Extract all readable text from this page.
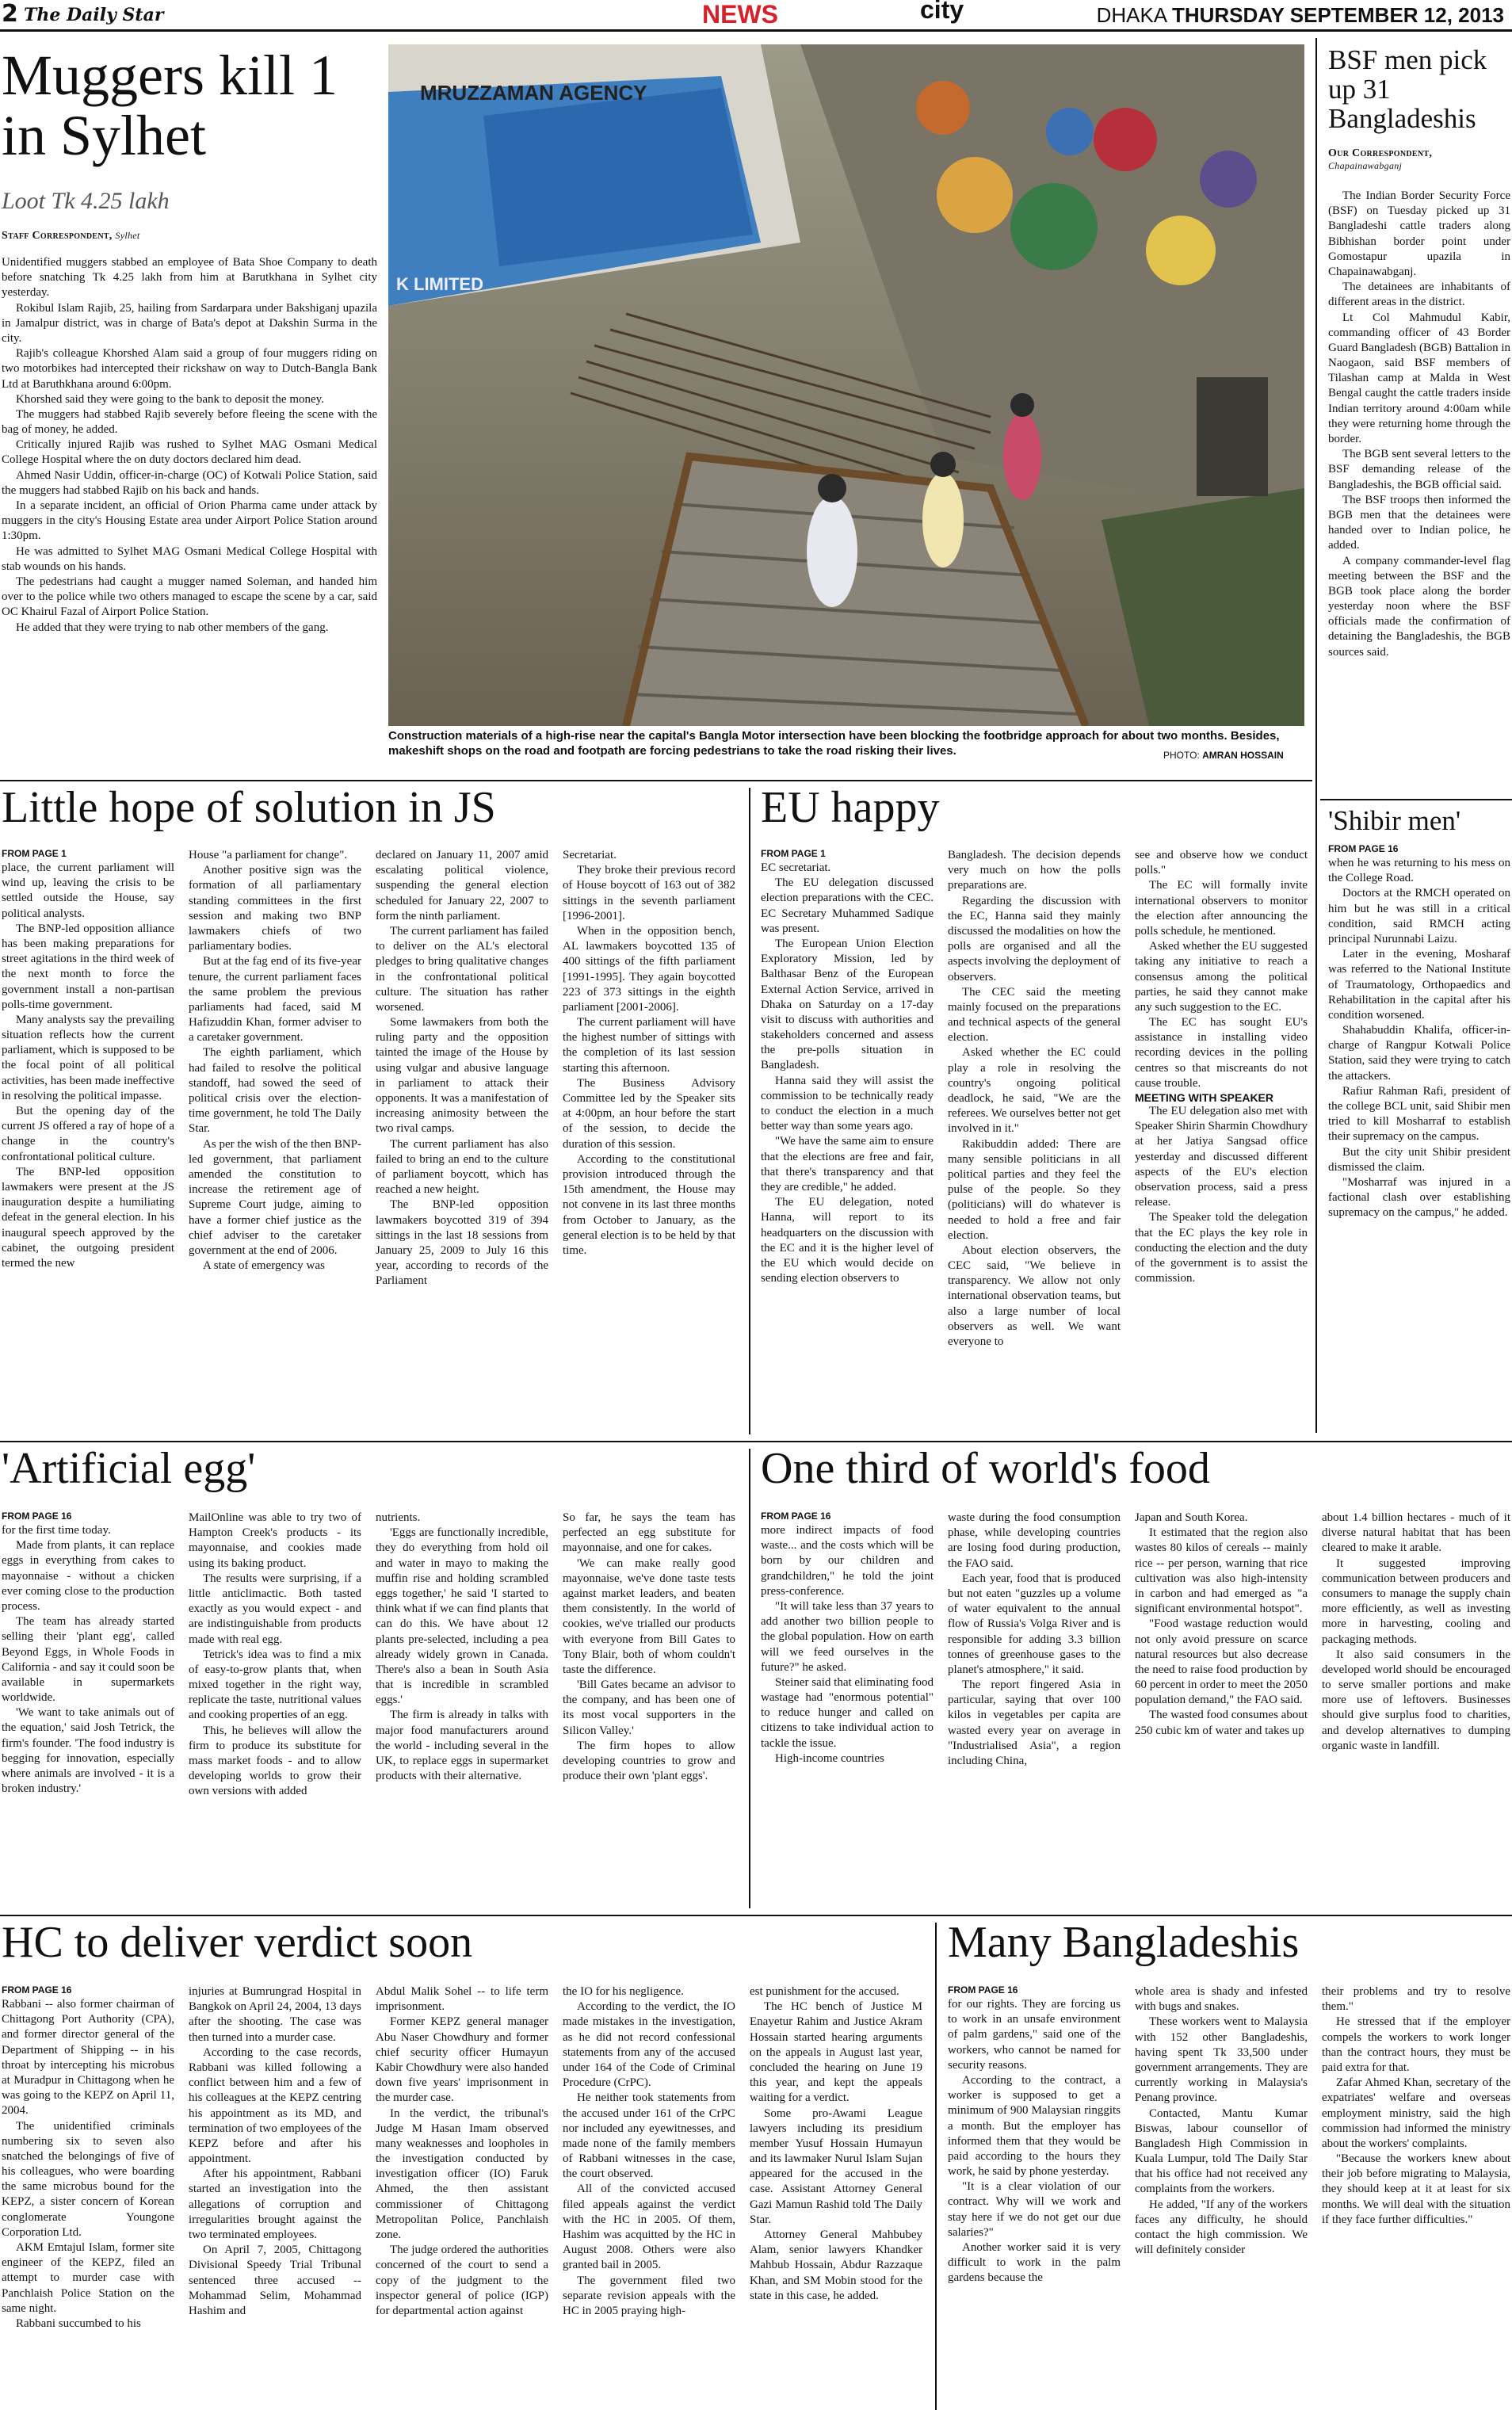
2 The Daily Star	NEWS	city	DHAKA THURSDAY SEPTEMBER 12, 2013
Muggers kill 1 in Sylhet
Loot Tk 4.25 lakh
Staff Correspondent, Sylhet

Unidentified muggers stabbed an employee of Bata Shoe Company to death before snatching Tk 4.25 lakh from him at Barutkhana in Sylhet city yesterday.

Rokibul Islam Rajib, 25, hailing from Sardarpara under Bakshiganj upazila in Jamalpur district, was in charge of Bata's depot at Dakshin Surma in the city.

Rajib's colleague Khorshed Alam said a group of four muggers riding on two motorbikes had intercepted their rickshaw on way to Dutch-Bangla Bank Ltd at Baruthkhana around 6:00pm.

Khorshed said they were going to the bank to deposit the money.

The muggers had stabbed Rajib severely before fleeing the scene with the bag of money, he added.

Critically injured Rajib was rushed to Sylhet MAG Osmani Medical College Hospital where the on duty doctors declared him dead.

Ahmed Nasir Uddin, officer-in-charge (OC) of Kotwali Police Station, said the muggers had stabbed Rajib on his back and hands.

In a separate incident, an official of Orion Pharma came under attack by muggers in the city's Housing Estate area under Airport Police Station around 1:30pm.

He was admitted to Sylhet MAG Osmani Medical College Hospital with stab wounds on his hands.

The pedestrians had caught a mugger named Soleman, and handed him over to the police while two others managed to escape the scene by a car, said OC Khairul Fazal of Airport Police Station.

He added that they were trying to nab other members of the gang.

MRUZZAMAN AGENCY
K LIMITED
Construction materials of a high-rise near the capital's Bangla Motor intersection have been blocking the footbridge approach for about two months. Besides, makeshift shops on the road and footpath are forcing pedestrians to take the road risking their lives.	PHOTO: AMRAN HOSSAIN
BSF men pick up 31 Bangladeshis
Our Correspondent,
Chapainawabganj

The Indian Border Security Force (BSF) on Tuesday picked up 31 Bangladeshi cattle traders along Bibhishan border point under Gomostapur upazila in Chapainawabganj.

The detainees are inhabitants of different areas in the district.

Lt Col Mahmudul Kabir, commanding officer of 43 Border Guard Bangladesh (BGB) Battalion in Naogaon, said BSF members of Tilashan camp at Malda in West Bengal caught the cattle traders inside Indian territory around 4:00am while they were returning home through the border.

The BGB sent several letters to the BSF demanding release of the Bangladeshis, the BGB official said.

The BSF troops then informed the BGB men that the detainees were handed over to Indian police, he added.

A company commander-level flag meeting between the BSF and the BGB took place along the border yesterday noon where the BSF officials made the confirmation of detaining the Bangladeshis, the BGB sources said.

'Shibir men'
FROM PAGE 16

when he was returning to his mess on the College Road.

Doctors at the RMCH operated on him but he was still in a critical condition, said RMCH acting principal Nurunnabi Laizu.

Later in the evening, Mosharaf was referred to the National Institute of Traumatology, Orthopaedics and Rehabilitation in the capital after his condition worsened.

Shahabuddin Khalifa, officer-in-charge of Rangpur Kotwali Police Station, said they were trying to catch the attackers.

Rafiur Rahman Rafi, president of the college BCL unit, said Shibir men tried to kill Mosharraf to establish their supremacy on the campus.

But the city unit Shibir president dismissed the claim.

"Mosharraf was injured in a factional clash over establishing supremacy on the campus," he added.

Little hope of solution in JS
FROM PAGE 1

place, the current parliament will wind up, leaving the crisis to be settled outside the House, say political analysts.

The BNP-led opposition alliance has been making preparations for street agitations in the third week of the next month to force the government install a non-partisan polls-time government.

Many analysts say the prevailing situation reflects how the current parliament, which is supposed to be the focal point of all political activities, has been made ineffective in resolving the political impasse.

But the opening day of the current JS offered a ray of hope of a change in the country's confrontational political culture.

The BNP-led opposition lawmakers were present at the JS inauguration despite a humiliating defeat in the general election. In his inaugural speech approved by the cabinet, the outgoing president termed the new

House "a parliament for change".

Another positive sign was the formation of all parliamentary standing committees in the first session and making two BNP lawmakers chiefs of two parliamentary bodies.

But at the fag end of its five-year tenure, the current parliament faces the same problem the previous parliaments had faced, said M Hafizuddin Khan, former adviser to a caretaker government.

The eighth parliament, which had failed to resolve the political standoff, had sowed the seed of political crisis over the election-time government, he told The Daily Star.

As per the wish of the then BNP-led government, that parliament amended the constitution to increase the retirement age of Supreme Court judge, aiming to have a former chief justice as the chief adviser to the caretaker government at the end of 2006.

A state of emergency was

declared on January 11, 2007 amid escalating political violence, suspending the general election scheduled for January 22, 2007 to form the ninth parliament.

The current parliament has failed to deliver on the AL's electoral pledges to bring qualitative changes in the confrontational political culture. The situation has rather worsened.

Some lawmakers from both the ruling party and the opposition tainted the image of the House by using vulgar and abusive language in parliament to attack their opponents. It was a manifestation of increasing animosity between the two rival camps.

The current parliament has also failed to bring an end to the culture of parliament boycott, which has reached a new height.

The BNP-led opposition lawmakers boycotted 319 of 394 sittings in the last 18 sessions from January 25, 2009 to July 16 this year, according to records of the Parliament

Secretariat.

They broke their previous record of House boycott of 163 out of 382 sittings in the seventh parliament [1996-2001].

When in the opposition bench, AL lawmakers boycotted 135 of 400 sittings of the fifth parliament [1991-1995]. They again boycotted 223 of 373 sittings in the eighth parliament [2001-2006].

The current parliament will have the highest number of sittings with the completion of its last session starting this afternoon.

The Business Advisory Committee led by the Speaker sits at 4:00pm, an hour before the start of the session, to decide the duration of this session.

According to the constitutional provision introduced through the 15th amendment, the House may not convene in its last three months from October to January, as the general election is to be held by that time.

EU happy
FROM PAGE 1

EC secretariat.

The EU delegation discussed election preparations with the CEC. EC Secretary Muhammed Sadique was present.

The European Union Election Exploratory Mission, led by Balthasar Benz of the European External Action Service, arrived in Dhaka on Saturday on a 17-day visit to discuss with authorities and stakeholders concerned and assess the pre-polls situation in Bangladesh.

Hanna said they will assist the commission to be technically ready to conduct the election in a much better way than some years ago.

"We have the same aim to ensure that the elections are free and fair, that there's transparency and that they are credible," he added.

The EU delegation, noted Hanna, will report to its headquarters on the discussion with the EC and it is the higher level of the EU which would decide on sending election observers to

Bangladesh. The decision depends very much on how the polls preparations are.

Regarding the discussion with the EC, Hanna said they mainly discussed the modalities on how the polls are organised and all the aspects involving the deployment of observers.

The CEC said the meeting mainly focused on the preparations and technical aspects of the general election.

Asked whether the EC could play a role in resolving the country's ongoing political deadlock, he said, "We are the referees. We ourselves better not get involved in it."

Rakibuddin added: There are many sensible politicians in all political parties and they feel the pulse of the people. So they (politicians) will do whatever is needed to hold a free and fair election.

About election observers, the CEC said, "We believe in transparency. We allow not only international observation teams, but also a large number of local observers as well. We want everyone to

see and observe how we conduct polls."

The EC will formally invite international observers to monitor the election after announcing the polls schedule, he mentioned.

Asked whether the EU suggested taking any initiative to reach a consensus among the political parties, he said they cannot make any such suggestion to the EC.

The EC has sought EU's assistance in installing video recording devices in the polling centres so that miscreants do not cause trouble.

MEETING WITH SPEAKER

The EU delegation also met with Speaker Shirin Sharmin Chowdhury at her Jatiya Sangsad office yesterday and discussed different aspects of the EU's election observation process, said a press release.

The Speaker told the delegation that the EC plays the key role in conducting the election and the duty of the government is to assist the commission.

'Artificial egg'
FROM PAGE 16

for the first time today.

Made from plants, it can replace eggs in everything from cakes to mayonnaise - without a chicken ever coming close to the production process.

The team has already started selling their 'plant egg', called Beyond Eggs, in Whole Foods in California - and say it could soon be available in supermarkets worldwide.

'We want to take animals out of the equation,' said Josh Tetrick, the firm's founder. 'The food industry is begging for innovation, especially where animals are involved - it is a broken industry.'

MailOnline was able to try two of Hampton Creek's products - its mayonnaise, and cookies made using its baking product.

The results were surprising, if a little anticlimactic. Both tasted exactly as you would expect - and are indistinguishable from products made with real egg.

Tetrick's idea was to find a mix of easy-to-grow plants that, when mixed together in the right way, replicate the taste, nutritional values and cooking properties of an egg.

This, he believes will allow the firm to produce its substitute for mass market foods - and to allow developing worlds to grow their own versions with added

nutrients.

'Eggs are functionally incredible, they do everything from hold oil and water in mayo to making the muffin rise and holding scrambled eggs together,' he said 'I started to think what if we can find plants that can do this. We have about 12 plants pre-selected, including a pea already widely grown in Canada. There's also a bean in South Asia that is incredible in scrambled eggs.'

The firm is already in talks with major food manufacturers around the world - including several in the UK, to replace eggs in supermarket products with their alternative.

So far, he says the team has perfected an egg substitute for mayonnaise, and one for cakes.

'We can make really good mayonnaise, we've done taste tests against market leaders, and beaten them consistently. In the world of cookies, we've trialled our products with everyone from Bill Gates to Tony Blair, both of whom couldn't taste the difference.

'Bill Gates became an advisor to the company, and has been one of its most vocal supporters in the Silicon Valley.'

The firm hopes to allow developing countries to grow and produce their own 'plant eggs'.

One third of world's food
FROM PAGE 16

more indirect impacts of food waste... and the costs which will be born by our children and grandchildren," he told the joint press-conference.

"It will take less than 37 years to add another two billion people to the global population. How on earth will we feed ourselves in the future?" he asked.

Steiner said that eliminating food wastage had "enormous potential" to reduce hunger and called on citizens to take individual action to tackle the issue.

High-income countries

waste during the food consumption phase, while developing countries are losing food during production, the FAO said.

Each year, food that is produced but not eaten "guzzles up a volume of water equivalent to the annual flow of Russia's Volga River and is responsible for adding 3.3 billion tonnes of greenhouse gases to the planet's atmosphere," it said.

The report fingered Asia in particular, saying that over 100 kilos in vegetables per capita are wasted every year on average in "Industrialised Asia", a region including China,

Japan and South Korea.

It estimated that the region also wastes 80 kilos of cereals -- mainly rice -- per person, warning that rice cultivation was also high-intensity in carbon and had emerged as "a significant environmental hotspot".

"Food wastage reduction would not only avoid pressure on scarce natural resources but also decrease the need to raise food production by 60 percent in order to meet the 2050 population demand," the FAO said.

The wasted food consumes about 250 cubic km of water and takes up

about 1.4 billion hectares - much of it diverse natural habitat that has been cleared to make it arable.

It suggested improving communication between producers and consumers to manage the supply chain more efficiently, as well as investing more in harvesting, cooling and packaging methods.

It also said consumers in the developed world should be encouraged to serve smaller portions and make more use of leftovers. Businesses should give surplus food to charities, and develop alternatives to dumping organic waste in landfill.

HC to deliver verdict soon
FROM PAGE 16

Rabbani -- also former chairman of Chittagong Port Authority (CPA), and former director general of the Department of Shipping -- in his throat by intercepting his microbus at Muradpur in Chittagong when he was going to the KEPZ on April 11, 2004.

The unidentified criminals numbering six to seven also snatched the belongings of five of his colleagues, who were boarding the same microbus bound for the KEPZ, a sister concern of Korean conglomerate Youngone Corporation Ltd.

AKM Emtajul Islam, former site engineer of the KEPZ, filed an attempt to murder case with Panchlaish Police Station on the same night.

Rabbani succumbed to his

injuries at Bumrungrad Hospital in Bangkok on April 24, 2004, 13 days after the shooting. The case was then turned into a murder case.

According to the case records, Rabbani was killed following a conflict between him and a few of his colleagues at the KEPZ centring his appointment as its MD, and termination of two employees of the KEPZ before and after his appointment.

After his appointment, Rabbani started an investigation into the allegations of corruption and irregularities brought against the two terminated employees.

On April 7, 2005, Chittagong Divisional Speedy Trial Tribunal sentenced three accused -- Mohammad Selim, Mohammad Hashim and

Abdul Malik Sohel -- to life term imprisonment.

Former KEPZ general manager Abu Naser Chowdhury and former chief security officer Humayun Kabir Chowdhury were also handed down five years' imprisonment in the murder case.

In the verdict, the tribunal's Judge M Hasan Imam observed many weaknesses and loopholes in the investigation conducted by investigation officer (IO) Faruk Ahmed, the then assistant commissioner of Chittagong Metropolitan Police, Panchlaish zone.

The judge ordered the authorities concerned of the court to send a copy of the judgment to the inspector general of police (IGP) for departmental action against

the IO for his negligence.

According to the verdict, the IO made mistakes in the investigation, as he did not record confessional statements from any of the accused under 164 of the Code of Criminal Procedure (CrPC).

He neither took statements from the accused under 161 of the CrPC nor included any eyewitnesses, and made none of the family members of Rabbani witnesses in the case, the court observed.

All of the convicted accused filed appeals against the verdict with the HC in 2005. Of them, Hashim was acquitted by the HC in August 2008. Others were also granted bail in 2005.

The government filed two separate revision appeals with the HC in 2005 praying high-

est punishment for the accused.

The HC bench of Justice M Enayetur Rahim and Justice Akram Hossain started hearing arguments on the appeals in August last year, concluded the hearing on June 19 this year, and kept the appeals waiting for a verdict.

Some pro-Awami League lawyers including its presidium member Yusuf Hossain Humayun and its lawmaker Nurul Islam Sujan appeared for the accused in the case. Assistant Attorney General Gazi Mamun Rashid told The Daily Star.

Attorney General Mahbubey Alam, senior lawyers Khandker Mahbub Hossain, Abdur Razzaque Khan, and SM Mobin stood for the state in this case, he added.

Many Bangladeshis
FROM PAGE 16

for our rights. They are forcing us to work in an unsafe environment of palm gardens," said one of the workers, who cannot be named for security reasons.

According to the contract, a worker is supposed to get a minimum of 900 Malaysian ringgits a month. But the employer has informed them that they would be paid according to the hours they work, he said by phone yesterday.

"It is a clear violation of our contract. Why will we work and stay here if we do not get our due salaries?"

Another worker said it is very difficult to work in the palm gardens because the

whole area is shady and infested with bugs and snakes.

These workers went to Malaysia with 152 other Bangladeshis, having spent Tk 33,500 under government arrangements. They are currently working in Malaysia's Penang province.

Contacted, Mantu Kumar Biswas, labour counsellor of Bangladesh High Commission in Kuala Lumpur, told The Daily Star that his office had not received any complaints from the workers.

He added, "If any of the workers faces any difficulty, he should contact the high commission. We will definitely consider

their problems and try to resolve them."

He stressed that if the employer compels the workers to work longer than the contract hours, they must be paid extra for that.

Zafar Ahmed Khan, secretary of the expatriates' welfare and overseas employment ministry, said the high commission had informed the ministry about the workers' complaints.

"Because the workers knew about their job before migrating to Malaysia, they should keep at it at least for six months. We will deal with the situation if they face further difficulties."
